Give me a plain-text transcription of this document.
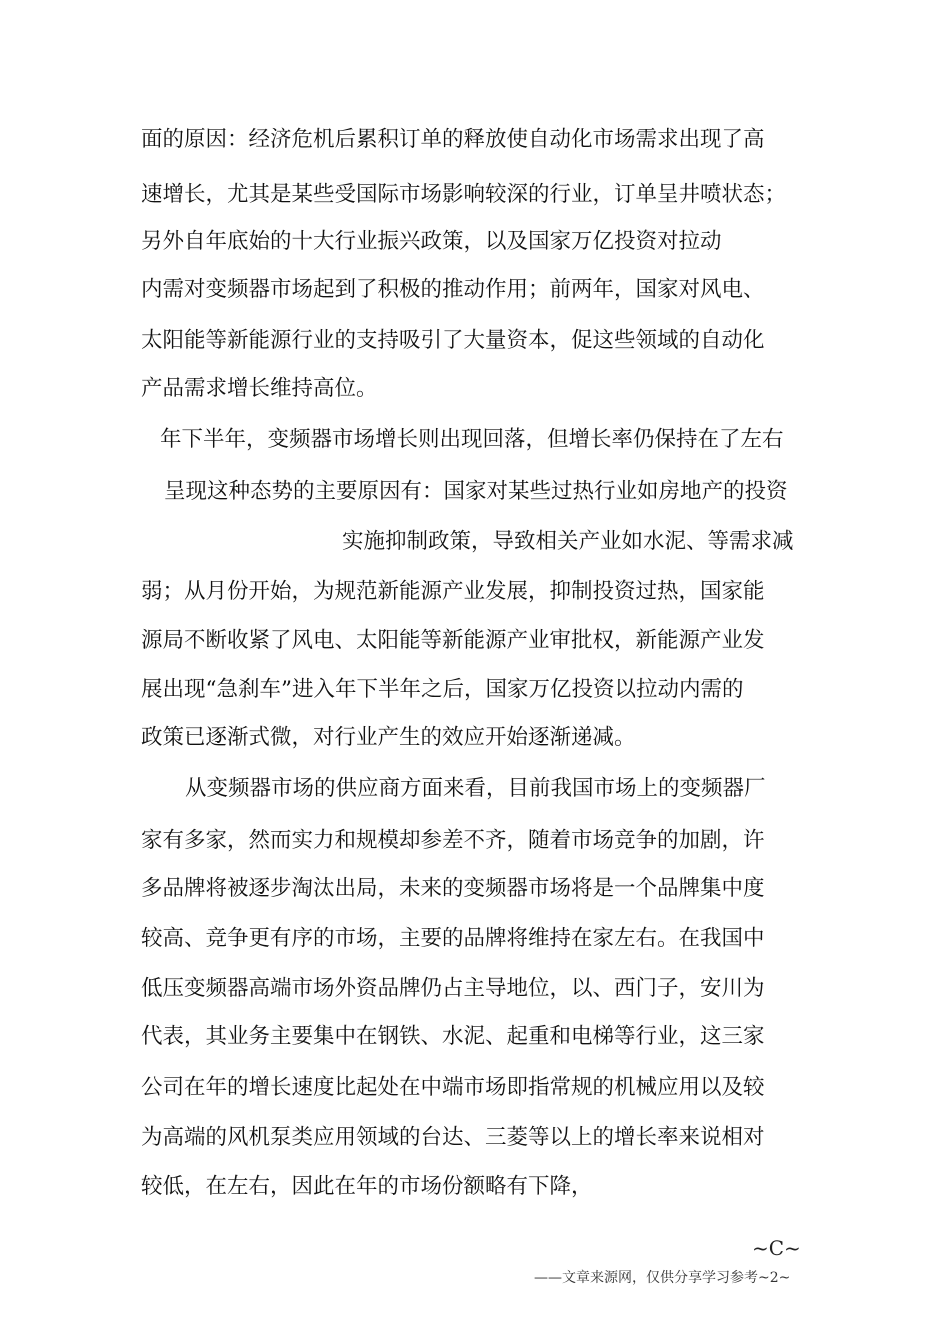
面的原因：经济危机后累积订单的释放使自动化市场需求出现了高
速增长，尤其是某些受国际市场影响较深的行业，订单呈井喷状态；
另外自年底始的十大行业振兴政策，以及国家万亿投资对拉动
内需对变频器市场起到了积极的推动作用；前两年，国家对风电、
太阳能等新能源行业的支持吸引了大量资本，促这些领域的自动化
产品需求增长维持高位。
年下半年，变频器市场增长则出现回落，但增长率仍保持在了左右
呈现这种态势的主要原因有：国家对某些过热行业如房地产的投资
实施抑制政策，导致相关产业如水泥、等需求减
弱；从月份开始，为规范新能源产业发展，抑制投资过热，国家能
源局不断收紧了风电、太阳能等新能源产业审批权，新能源产业发
展出现“急刹车”进入年下半年之后，国家万亿投资以拉动内需的
政策已逐渐式微，对行业产生的效应开始逐渐递减。
从变频器市场的供应商方面来看，目前我国市场上的变频器厂
家有多家，然而实力和规模却参差不齐，随着市场竞争的加剧，许
多品牌将被逐步淘汰出局，未来的变频器市场将是一个品牌集中度
较高、竞争更有序的市场，主要的品牌将维持在家左右。在我国中
低压变频器高端市场外资品牌仍占主导地位，以、西门子，安川为
代表，其业务主要集中在钢铁、水泥、起重和电梯等行业，这三家
公司在年的增长速度比起处在中端市场即指常规的机械应用以及较
为高端的风机泵类应用领域的台达、三菱等以上的增长率来说相对
较低，在左右，因此在年的市场份额略有下降，
~C~
——文章来源网，仅供分享学习参考~2~
